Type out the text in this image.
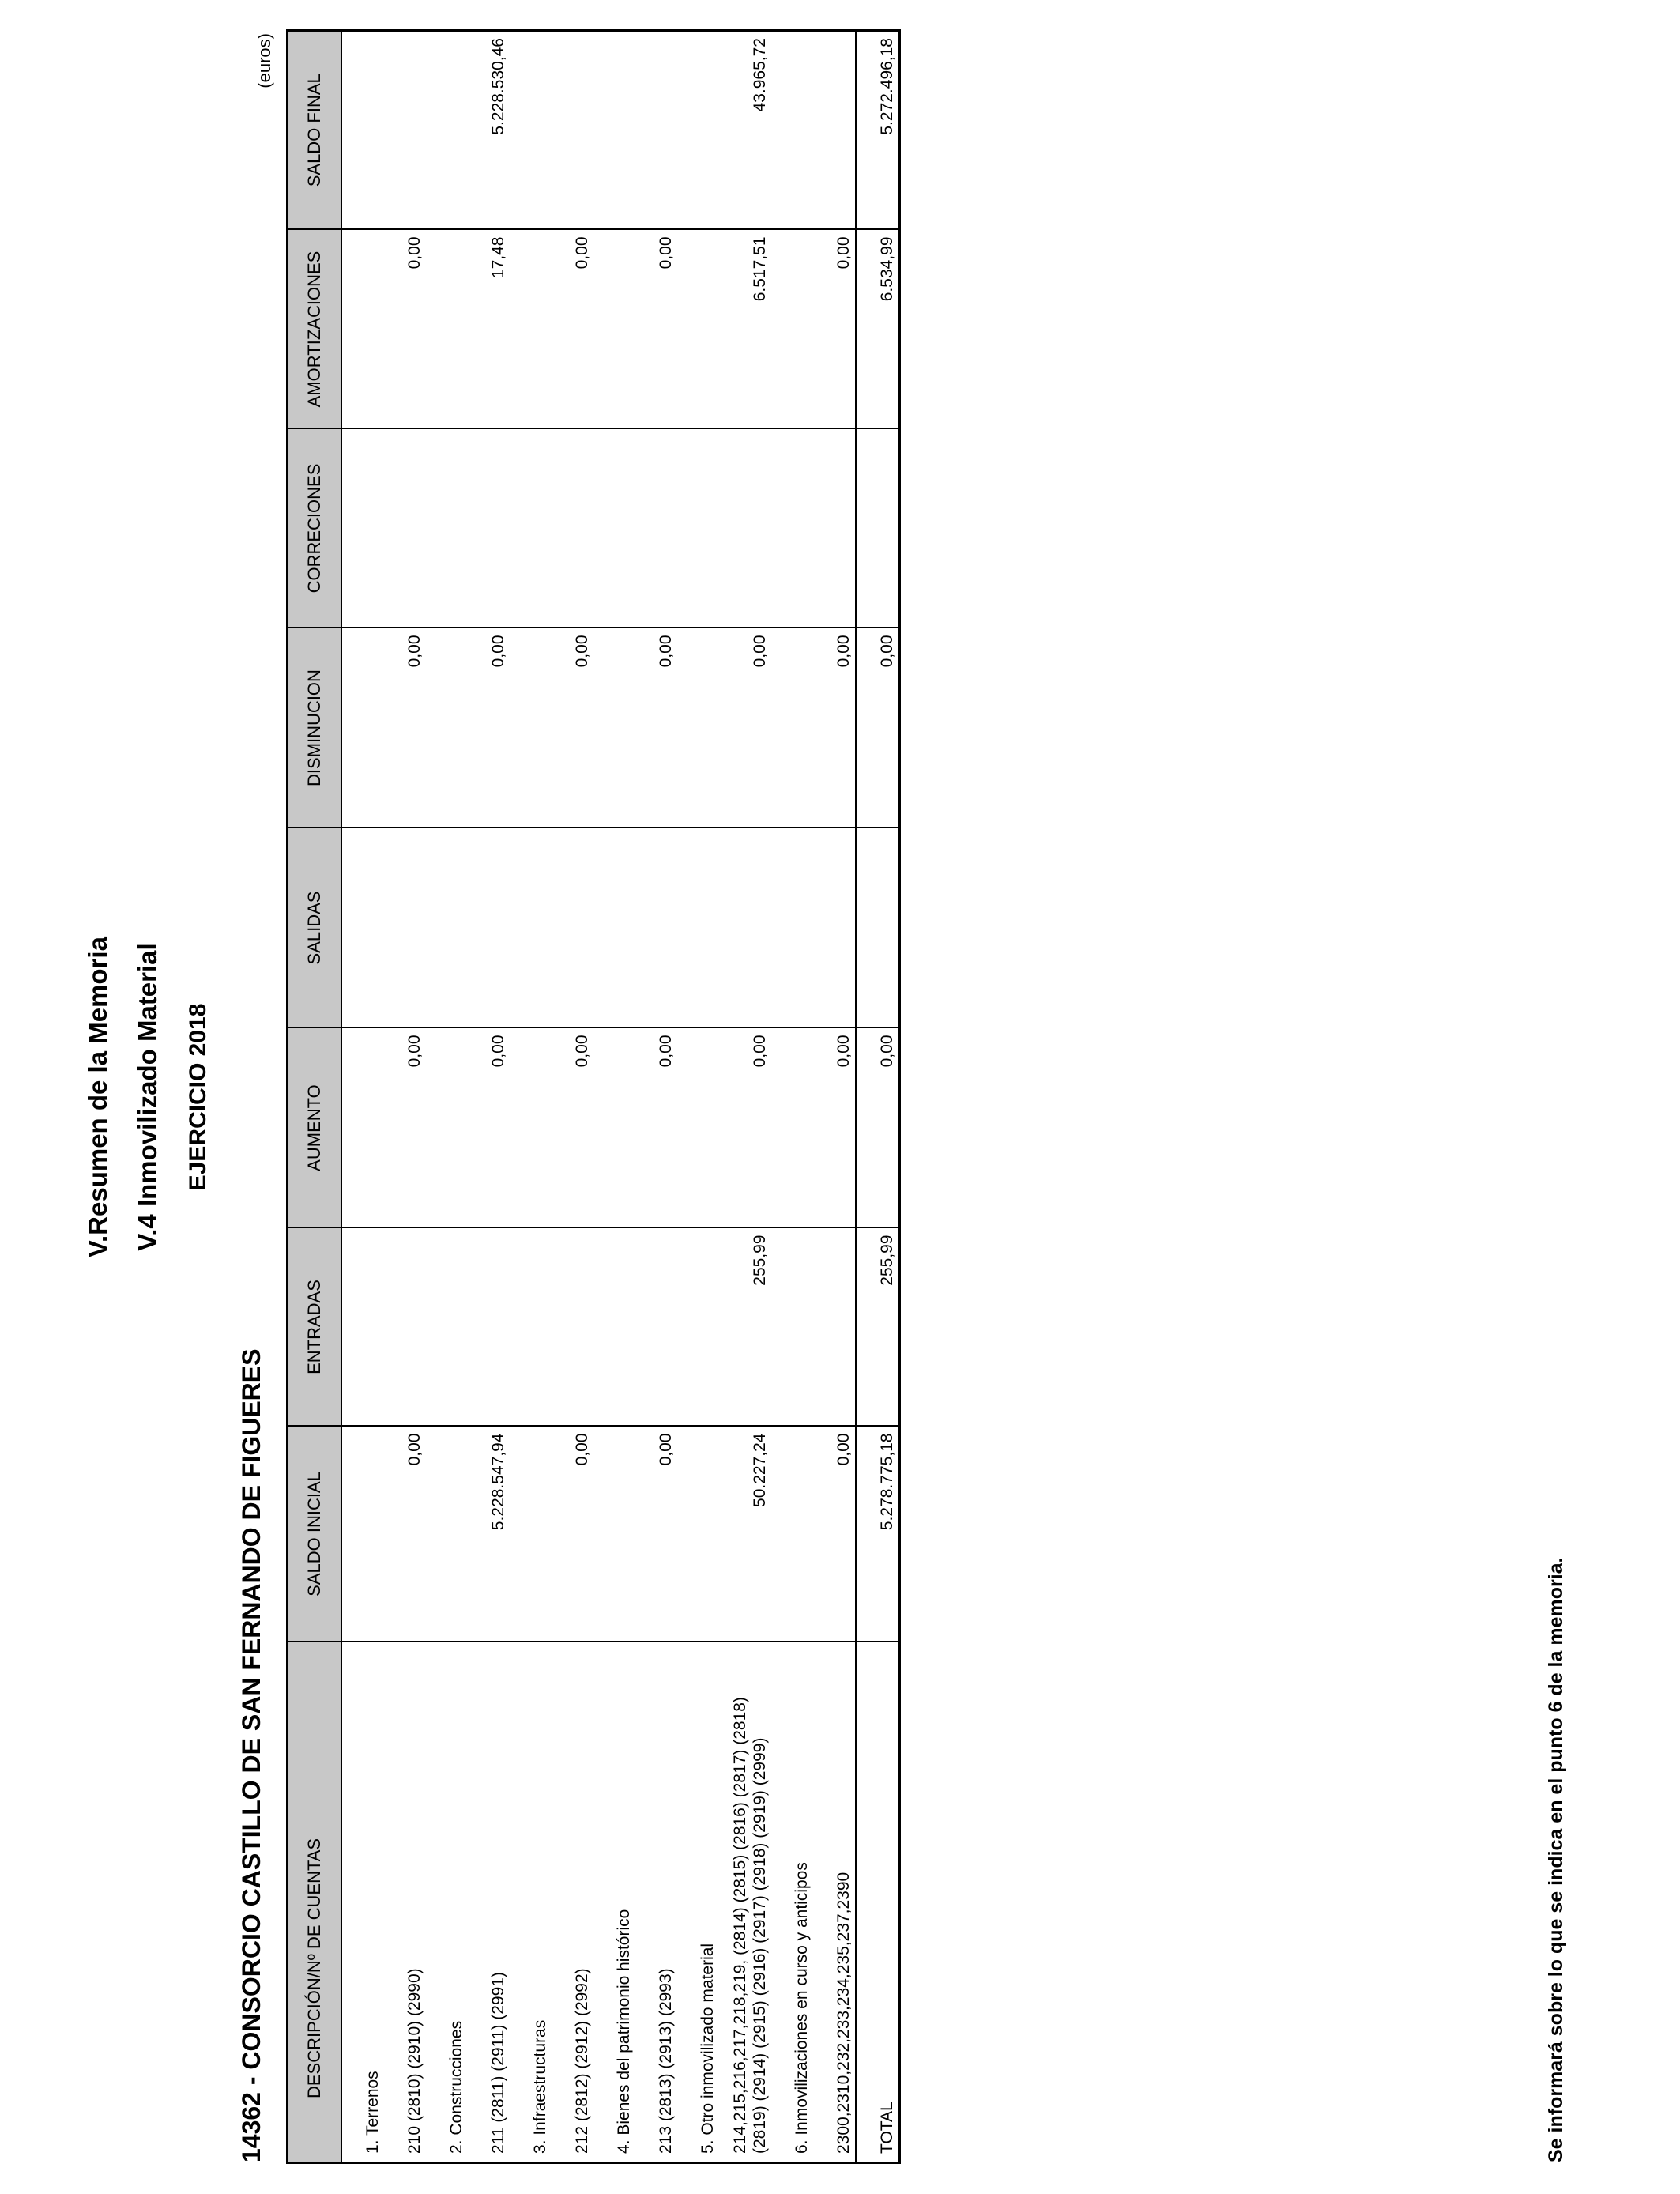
V.Resumen de la Memoria V.4 Inmovilizado Material EJERCICIO 2018
14362 - CONSORCIO CASTILLO DE SAN FERNANDO DE FIGUERES
(euros)
DESCRIPCIÓN/Nº DE CUENTAS	SALDO INICIAL	ENTRADAS	AUMENTO	SALIDAS	DISMINUCION	CORRECIONES	AMORTIZACIONES	SALDO FINAL
1. Terrenos								
210 (2810) (2910) (2990)	0,00		0,00		0,00		0,00	
2. Construcciones								
211 (2811) (2911) (2991)	5.228.547,94		0,00		0,00		17,48	5.228.530,46
3. Infraestructuras								
212 (2812) (2912) (2992)	0,00		0,00		0,00		0,00	
4. Bienes del patrimonio histórico								
213 (2813) (2913) (2993)	0,00		0,00		0,00		0,00	
5. Otro inmovilizado material								
214,215,216,217,218,219, (2814) (2815) (2816) (2817) (2818) (2819) (2914) (2915) (2916) (2917) (2918) (2919) (2999)	50.227,24	255,99	0,00		0,00		6.517,51	43.965,72
6. Inmovilizaciones en curso y anticipos								
2300,2310,232,233,234,235,237,2390	0,00		0,00		0,00		0,00	
TOTAL	5.278.775,18	255,99	0,00		0,00		6.534,99	5.272.496,18
Se informará sobre lo que se indica en el punto 6 de la memoria.
